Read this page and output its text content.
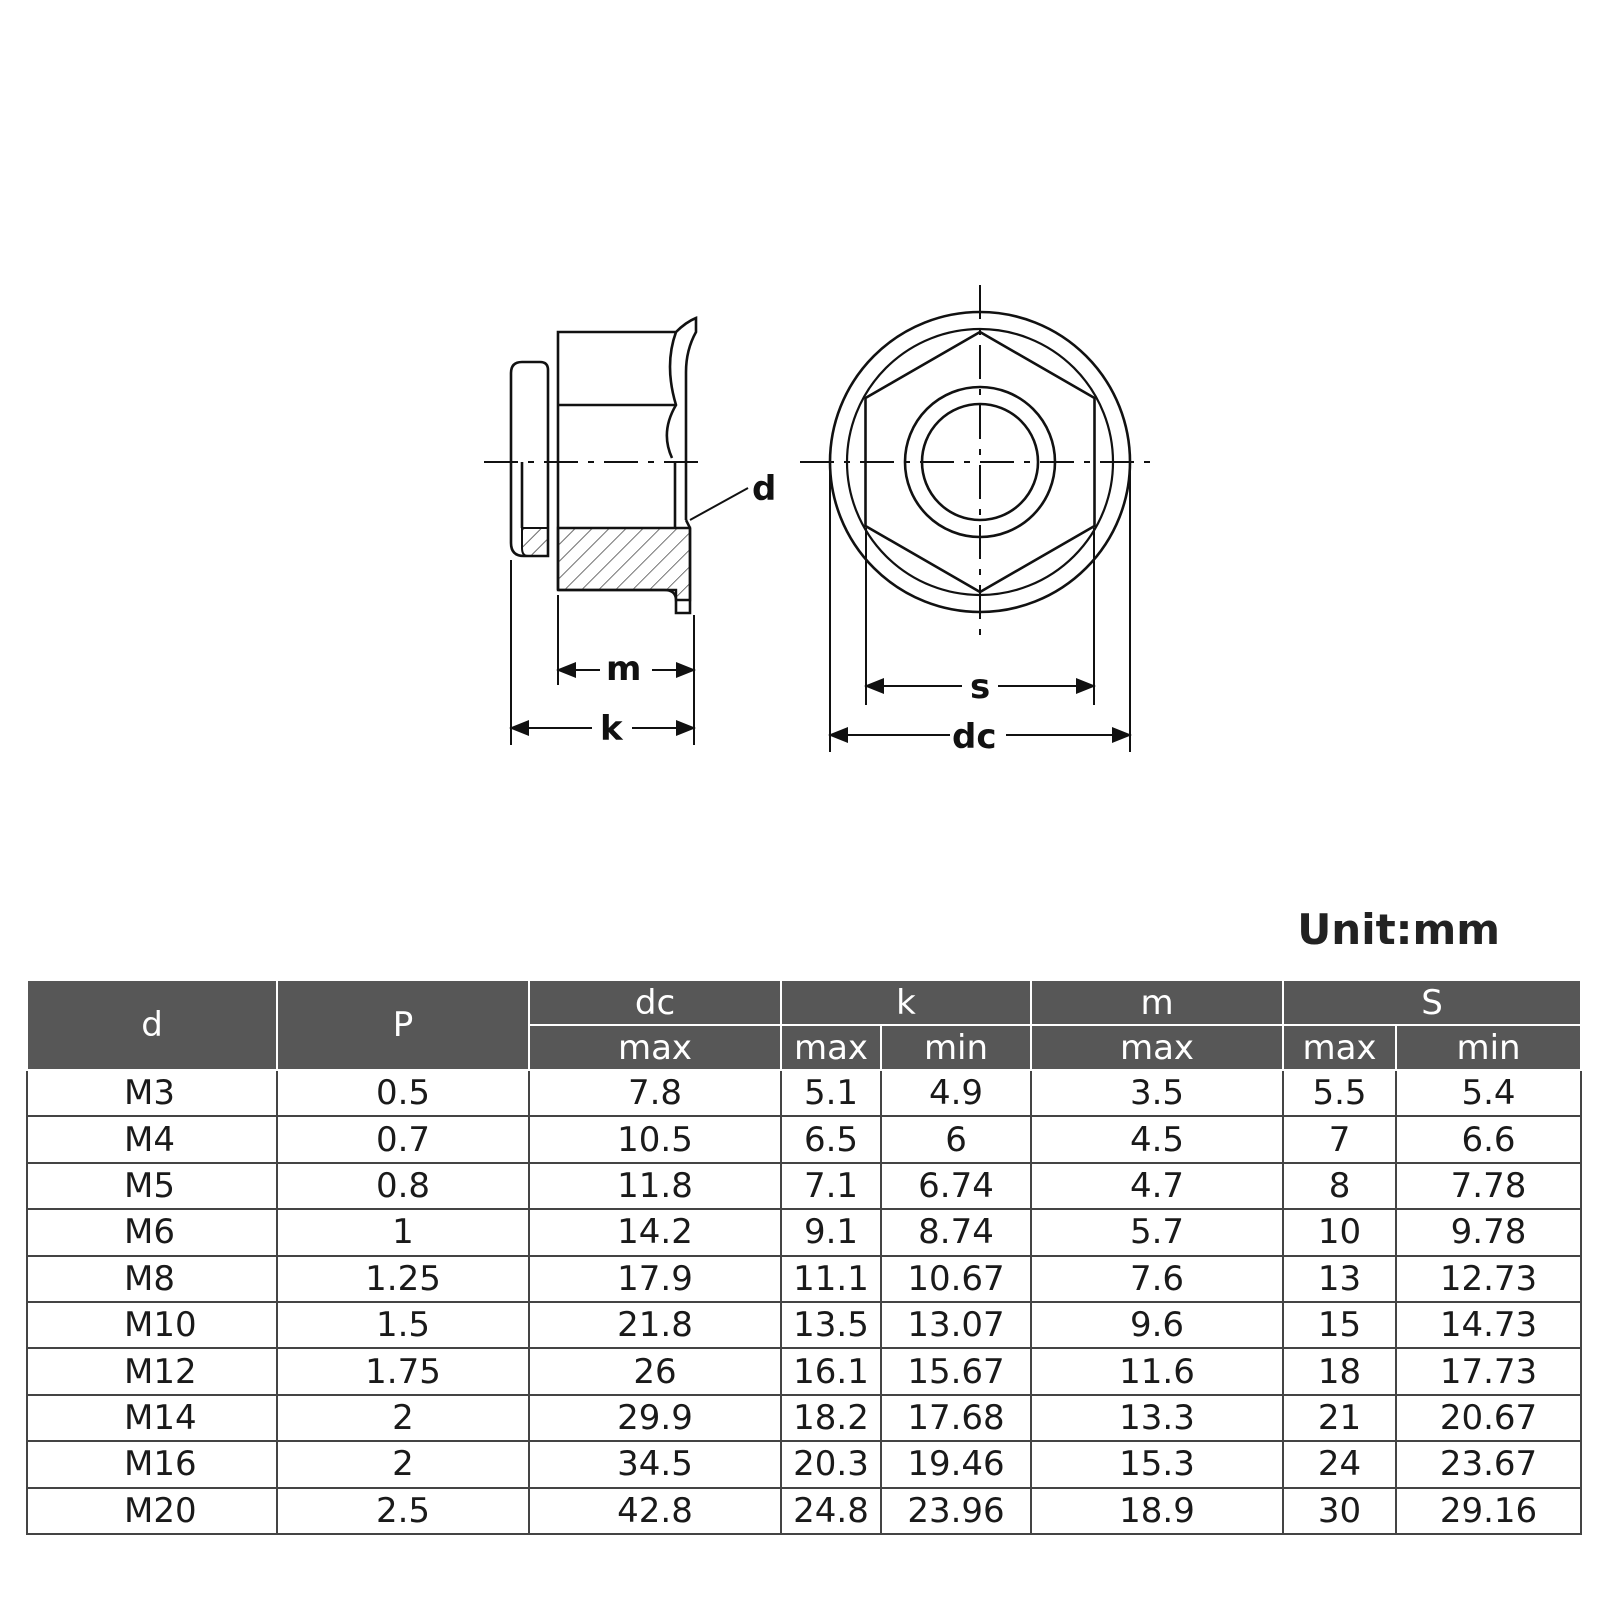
d
m
k
s
dc
Unit:mm
d	P	dc	k		m	S	
		max	max	min	max	max	min
M3	0.5	7.8	5.1	4.9	3.5	5.5	5.4
M4	0.7	10.5	6.5	6	4.5	7	6.6
M5	0.8	11.8	7.1	6.74	4.7	8	7.78
M6	1	14.2	9.1	8.74	5.7	10	9.78
M8	1.25	17.9	11.1	10.67	7.6	13	12.73
M10	1.5	21.8	13.5	13.07	9.6	15	14.73
M12	1.75	26	16.1	15.67	11.6	18	17.73
M14	2	29.9	18.2	17.68	13.3	21	20.67
M16	2	34.5	20.3	19.46	15.3	24	23.67
M20	2.5	42.8	24.8	23.96	18.9	30	29.16
